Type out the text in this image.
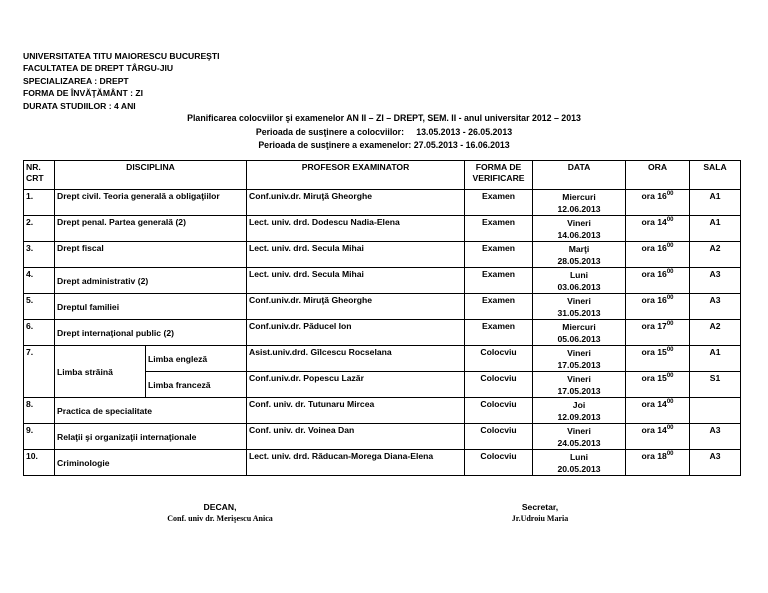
UNIVERSITATEA TITU MAIORESCU BUCUREŞTI
FACULTATEA DE DREPT TÂRGU-JIU
SPECIALIZAREA : DREPT
FORMA DE ÎNVĂŢĂMÂNT : ZI
DURATA STUDIILOR : 4 ANI
Planificarea colocviilor şi examenelor AN II – ZI – DREPT, SEM. II - anul universitar 2012 – 2013
Perioada de susţinere a colocviilor:     13.05.2013 - 26.05.2013
Perioada de susţinere a examenelor: 27.05.2013 - 16.06.2013
NR.
CRT	DISCIPLINA		PROFESOR EXAMINATOR	FORMA DE
VERIFICARE	DATA	ORA	SALA
1.	Drept civil. Teoria generală a obligaţiilor		Conf.univ.dr. Miruţă Gheorghe	Examen	Miercuri
12.06.2013	ora $16^{00}$	A1
2.	Drept penal. Partea generală (2)		Lect. univ. drd. Dodescu Nadia-Elena	Examen	Vineri
14.06.2013	ora $14^{00}$	A1
3.	Drept fiscal		Lect. univ. drd. Secula Mihai	Examen	Marţi
28.05.2013	ora $16^{00}$	A2
4.	Drept administrativ (2)		Lect. univ. drd. Secula Mihai	Examen	Luni
03.06.2013	ora $16^{00}$	A3
5.	Dreptul familiei		Conf.univ.dr. Miruţă Gheorghe	Examen	Vineri
31.05.2013	ora $16^{00}$	A3
6.	Drept internaţional public (2)		Conf.univ.dr. Păducel Ion	Examen	Miercuri
05.06.2013	ora $17^{00}$	A2
7.	Limba străină	Limba engleză	Asist.univ.drd. Gîlcescu Rocselana	Colocviu	Vineri
17.05.2013	ora $15^{00}$	A1
		Limba franceză	Conf.univ.dr. Popescu Lazăr	Colocviu	Vineri
17.05.2013	ora $15^{00}$	S1
8.	Practica de specialitate		Conf. univ. dr. Tutunaru Mircea	Colocviu	Joi
12.09.2013	ora $14^{00}$	
9.	Relaţii şi organizaţii internaţionale		Conf. univ. dr. Voinea Dan	Colocviu	Vineri
24.05.2013	ora $14^{00}$	A3
10.	Criminologie		Lect. univ. drd. Răducan-Morega Diana-Elena	Colocviu	Luni
20.05.2013	ora $18^{00}$	A3
DECAN,
Conf. univ dr. Merişescu Anica
Secretar,
Jr.Udroiu Maria
